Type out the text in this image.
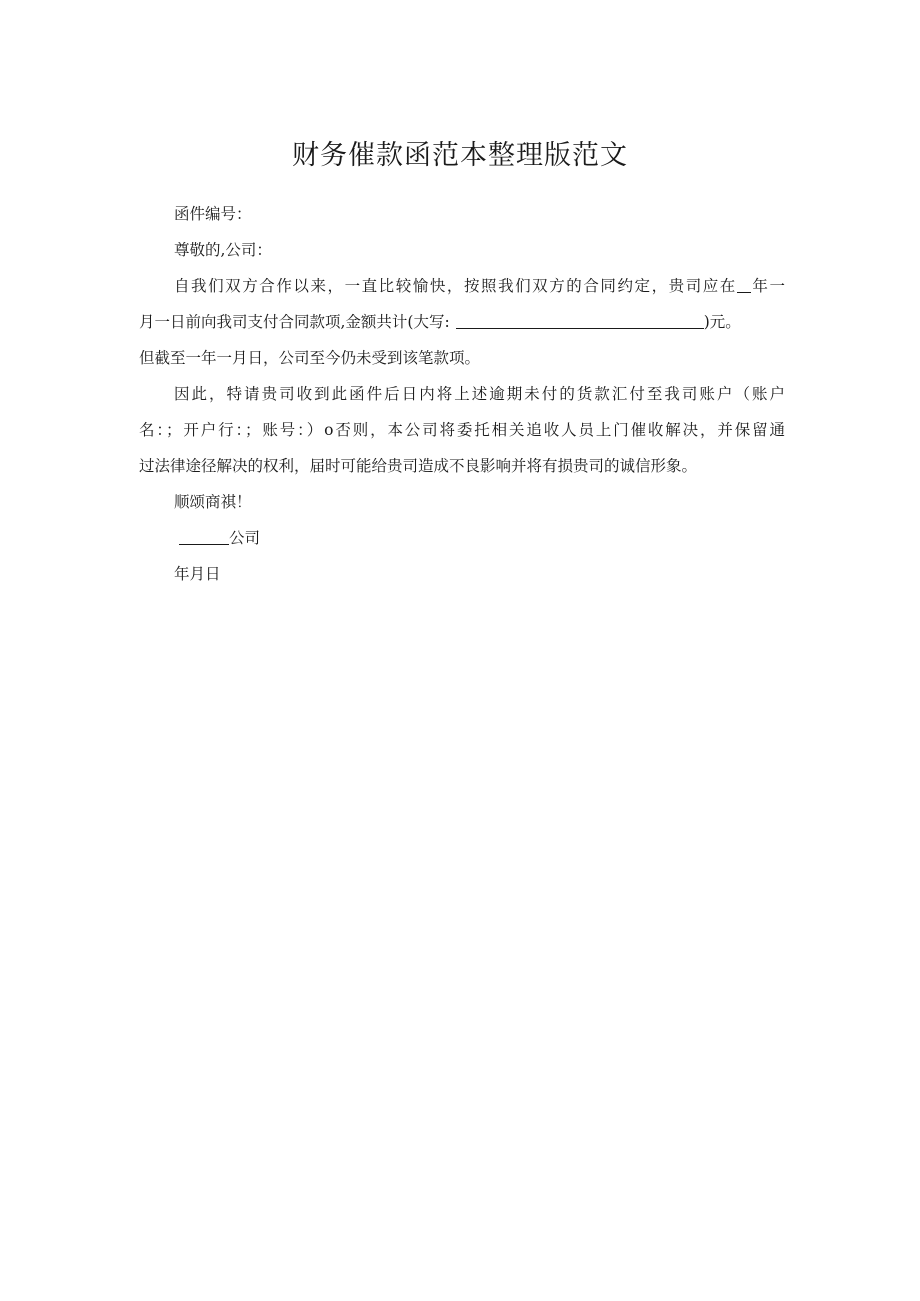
财务催款函范本整理版范文

函件编号：

尊敬的,公司：

自我们双方合作以来，一直比较愉快，按照我们双方的合同约定，贵司应在 年一

月一日前向我司支付合同款项,金额共计(大写:	)元。

但截至一年一月日，公司至今仍未受到该笔款项。

因此，特请贵司收到此函件后日内将上述逾期未付的货款汇付至我司账户（账户

名：；开户行：；账号：）o否则，本公司将委托相关追收人员上门催收解决，并保留通

过法律途径解决的权利，届时可能给贵司造成不良影响并将有损贵司的诚信形象。

顺颂商祺！

公司

年月日
